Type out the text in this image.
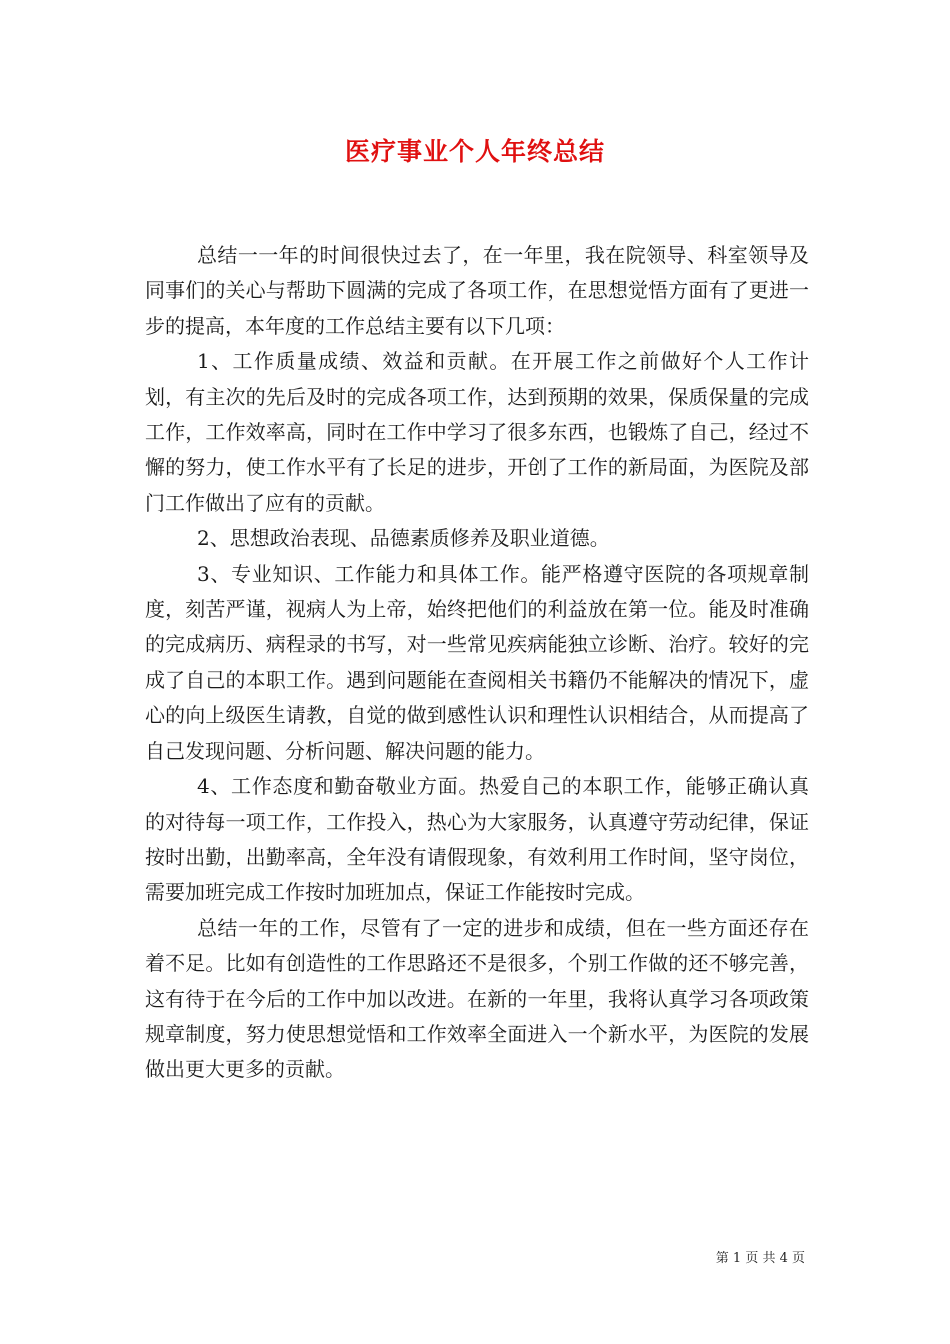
医疗事业个人年终总结

总结一一年的时间很快过去了，在一年里，我在院领导、科室领导及同事们的关心与帮助下圆满的完成了各项工作，在思想觉悟方面有了更进一步的提高，本年度的工作总结主要有以下几项：

1、工作质量成绩、效益和贡献。在开展工作之前做好个人工作计划，有主次的先后及时的完成各项工作，达到预期的效果，保质保量的完成工作，工作效率高，同时在工作中学习了很多东西，也锻炼了自己，经过不懈的努力，使工作水平有了长足的进步，开创了工作的新局面，为医院及部门工作做出了应有的贡献。

2、思想政治表现、品德素质修养及职业道德。

3、专业知识、工作能力和具体工作。能严格遵守医院的各项规章制度，刻苦严谨，视病人为上帝，始终把他们的利益放在第一位。能及时准确的完成病历、病程录的书写，对一些常见疾病能独立诊断、治疗。较好的完成了自己的本职工作。遇到问题能在查阅相关书籍仍不能解决的情况下，虚心的向上级医生请教，自觉的做到感性认识和理性认识相结合，从而提高了自己发现问题、分析问题、解决问题的能力。

4、工作态度和勤奋敬业方面。热爱自己的本职工作，能够正确认真的对待每一项工作，工作投入，热心为大家服务，认真遵守劳动纪律，保证按时出勤，出勤率高，全年没有请假现象，有效利用工作时间，坚守岗位，需要加班完成工作按时加班加点，保证工作能按时完成。

总结一年的工作，尽管有了一定的进步和成绩，但在一些方面还存在着不足。比如有创造性的工作思路还不是很多，个别工作做的还不够完善，这有待于在今后的工作中加以改进。在新的一年里，我将认真学习各项政策规章制度，努力使思想觉悟和工作效率全面进入一个新水平，为医院的发展做出更大更多的贡献。

第 1 页 共 4 页
